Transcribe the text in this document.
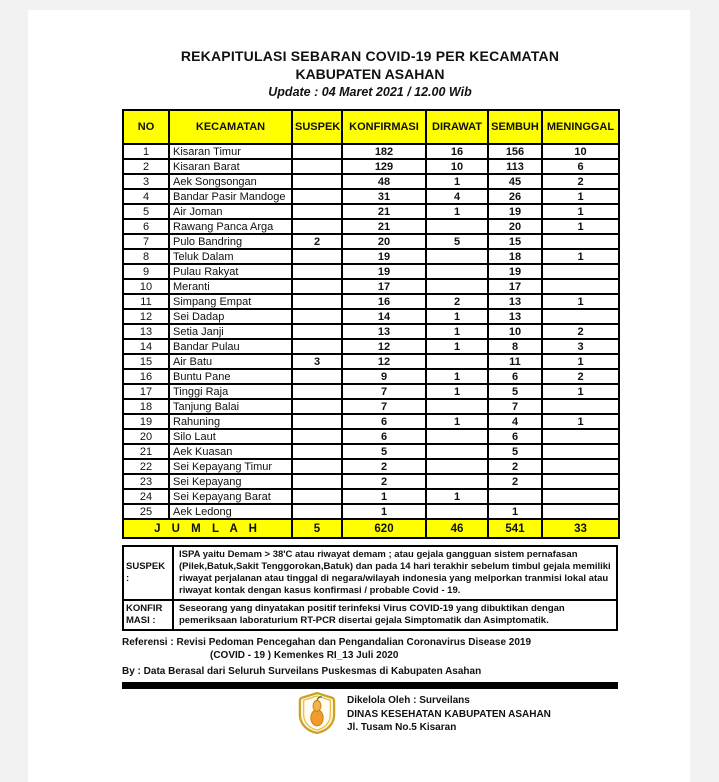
REKAPITULASI SEBARAN COVID-19 PER KECAMATAN
KABUPATEN ASAHAN
Update : 04 Maret 2021 / 12.00 Wib
NO	KECAMATAN	SUSPEK	KONFIRMASI	DIRAWAT	SEMBUH	MENINGGAL
1	Kisaran Timur		182	16	156	10
2	Kisaran Barat		129	10	113	6
3	Aek Songsongan		48	1	45	2
4	Bandar Pasir Mandoge		31	4	26	1
5	Air Joman		21	1	19	1
6	Rawang Panca Arga		21		20	1
7	Pulo Bandring	2	20	5	15	
8	Teluk Dalam		19		18	1
9	Pulau Rakyat		19		19	
10	Meranti		17		17	
11	Simpang Empat		16	2	13	1
12	Sei Dadap		14	1	13	
13	Setia Janji		13	1	10	2
14	Bandar Pulau		12	1	8	3
15	Air Batu	3	12		11	1
16	Buntu Pane		9	1	6	2
17	Tinggi Raja		7	1	5	1
18	Tanjung Balai		7		7	
19	Rahuning		6	1	4	1
20	Silo Laut		6		6	
21	Aek Kuasan		5		5	
22	Sei Kepayang Timur		2		2	
23	Sei Kepayang		2		2	
24	Sei Kepayang Barat		1	1		
25	Aek Ledong		1		1	
J U M L A H		5	620	46	541	33
SUSPEK :	ISPA yaitu Demam > 38'C atau riwayat demam ; atau gejala gangguan sistem pernafasan (Pilek,Batuk,Sakit Tenggorokan,Batuk) dan pada 14 hari terakhir sebelum timbul gejala memiliki riwayat perjalanan atau tinggal di negara/wilayah indonesia yang melporkan tranmisi lokal atau riwayat kontak dengan kasus konfirmasi / probable Covid - 19.
KONFIRMASI :	Seseorang yang dinyatakan positif terinfeksi Virus COVID-19 yang dibuktikan dengan pemeriksaan laboraturium RT-PCR disertai gejala Simptomatik dan Asimptomatik.
Referensi : Revisi Pedoman Pencegahan dan Pengandalian Coronavirus Disease 2019
(COVID - 19 ) Kemenkes RI_13 Juli 2020
By : Data Berasal dari Seluruh Surveilans Puskesmas di Kabupaten Asahan
Dikelola Oleh : Surveilans
DINAS KESEHATAN KABUPATEN ASAHAN
Jl. Tusam No.5 Kisaran
